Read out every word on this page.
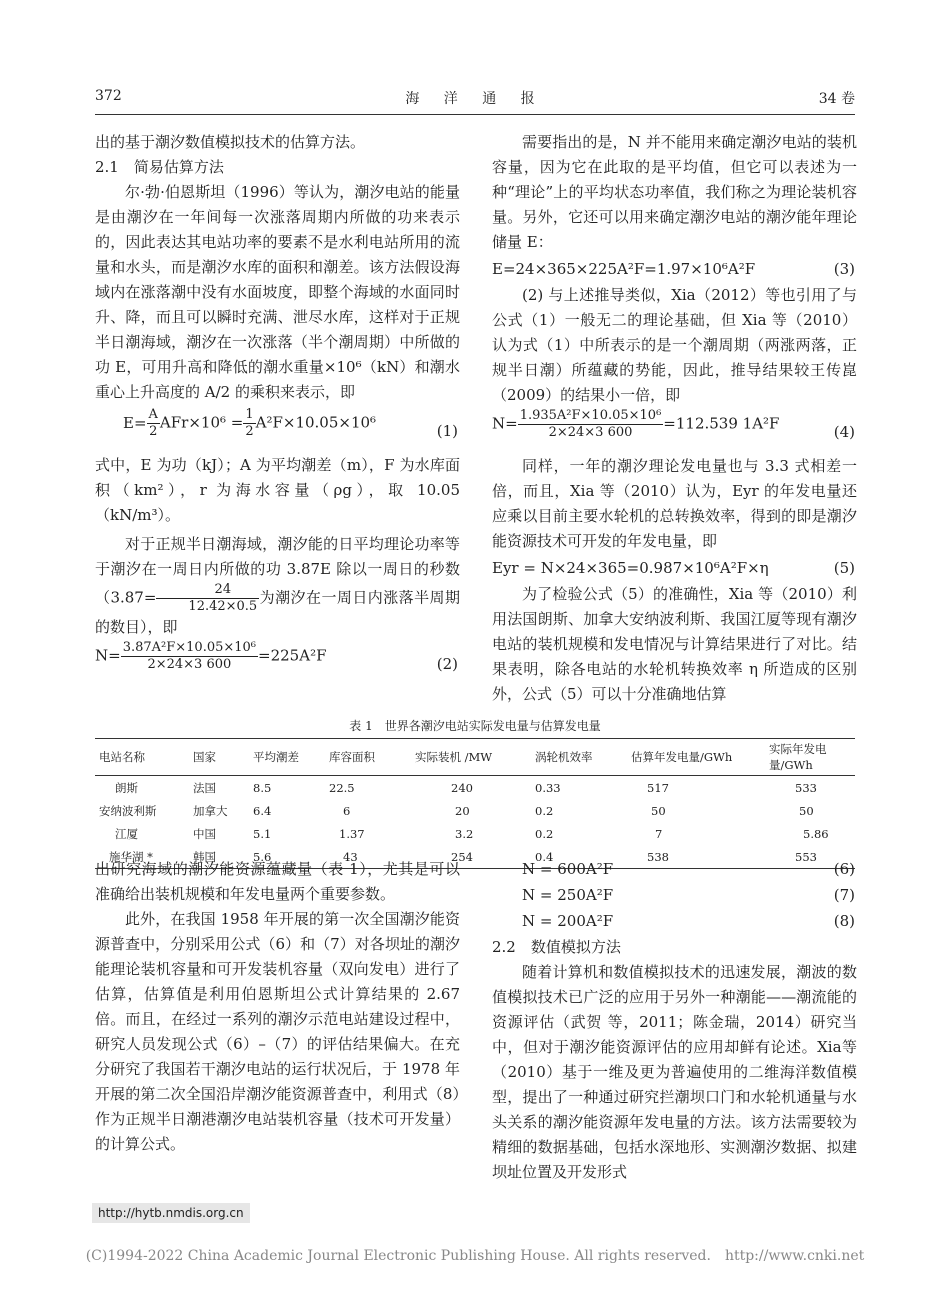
372	海 洋 通 报	34 卷

出的基于潮汐数值模拟技术的估算方法。

2.1　简易估算方法

尔·勃·伯恩斯坦（1996）等认为，潮汐电站的能量是由潮汐在一年间每一次涨落周期内所做的功来表示的，因此表达其电站功率的要素不是水利电站所用的流量和水头，而是潮汐水库的面积和潮差。该方法假设海域内在涨落潮中没有水面坡度，即整个海域的水面同时升、降，而且可以瞬时充满、泄尽水库，这样对于正规半日潮海域，潮汐在一次涨落（半个潮周期）中所做的功 E，可用升高和降低的潮水重量×10⁶（kN）和潮水重心上升高度的 A/2 的乘积来表示，即

$E= \frac{A}{2} AFr\times 10^6 = \frac{1}{2} A^2F\times 10.05\times 10^6$	(1)

式中，E 为功（kJ）；A 为平均潮差（m），F 为水库面积（km²），r 为海水容量（ρg），取 10.05（kN/m³）。

对于正规半日潮海域，潮汐能的日平均理论功率等于潮汐在一周日内所做的功 3.87E 除以一周日的秒数（$3.87= \frac{24}{12.42\times 0.5}$ 为潮汐在一周日内涨落半周期的数目），即

$N= \frac{\text{3.87A²F×10.05×10⁶}}{2\times 24\times 3 600} =225A^2F$	(2)

需要指出的是，N 并不能用来确定潮汐电站的装机容量，因为它在此取的是平均值，但它可以表述为一种“理论”上的平均状态功率值，我们称之为理论装机容量。另外，它还可以用来确定潮汐电站的潮汐能年理论储量 E：

E=24×365×225A²F=1.97×10⁶A²F	(3)

(2) 与上述推导类似，Xia（2012）等也引用了与公式（1）一般无二的理论基础，但 Xia 等（2010）认为式（1）中所表示的是一个潮周期（两涨两落，正规半日潮）所蕴藏的势能，因此，推导结果较王传崑（2009）的结果小一倍，即

$N= \frac{\text{1.935A²F×10.05×10⁶}}{2\times 24\times 3 600} =112.539$ 1A²F	(4)

同样，一年的潮汐理论发电量也与 3.3 式相差一倍，而且，Xia 等（2010）认为，Eyr 的年发电量还应乘以目前主要水轮机的总转换效率，得到的即是潮汐能资源技术可开发的年发电量，即

Eyr = N×24×365=0.987×10⁶A²F×η	(5)

为了检验公式（5）的准确性，Xia 等（2010）利用法国朗斯、加拿大安纳波利斯、我国江厦等现有潮汐电站的装机规模和发电情况与计算结果进行了对比。结果表明，除各电站的水轮机转换效率 η 所造成的区别外，公式（5）可以十分准确地估算

表 1　世界各潮汐电站实际发电量与估算发电量
电站名称	国家	平均潮差	库容面积	实际装机 /MW	涡轮机效率	估算年发电量/GWh	实际年发电量/GWh
朗斯	法国	8.5	22.5	240	0.33	517	533
安纳波利斯	加拿大	6.4	6	20	0.2	50	50
江厦	中国	5.1	1.37	3.2	0.2	7	5.86
施华湖 *	韩国	5.6	43	254	0.4	538	553

出研究海域的潮汐能资源蕴藏量（表 1），尤其是可以准确给出装机规模和年发电量两个重要参数。

此外，在我国 1958 年开展的第一次全国潮汐能资源普查中，分别采用公式（6）和（7）对各坝址的潮汐能理论装机容量和可开发装机容量（双向发电）进行了估算，估算值是利用伯恩斯坦公式计算结果的 2.67 倍。而且，在经过一系列的潮汐示范电站建设过程中，研究人员发现公式（6）–（7）的评估结果偏大。在充分研究了我国若干潮汐电站的运行状况后，于 1978 年开展的第二次全国沿岸潮汐能资源普查中，利用式（8）作为正规半日潮港潮汐电站装机容量（技术可开发量）的计算公式。

N = 600A²F	(6)
N = 250A²F	(7)
N = 200A²F	(8)

2.2　数值模拟方法

随着计算机和数值模拟技术的迅速发展，潮波的数值模拟技术已广泛的应用于另外一种潮能——潮流能的资源评估（武贺 等，2011；陈金瑞，2014）研究当中，但对于潮汐能资源评估的应用却鲜有论述。Xia等（2010）基于一维及更为普遍使用的二维海洋数值模型，提出了一种通过研究拦潮坝口门和水轮机通量与水头关系的潮汐能资源年发电量的方法。该方法需要较为精细的数据基础，包括水深地形、实测潮汐数据、拟建坝址位置及开发形式

http://hytb.nmdis.org.cn
(C)1994-2022 China Academic Journal Electronic Publishing House. All rights reserved.　http://www.cnki.net
